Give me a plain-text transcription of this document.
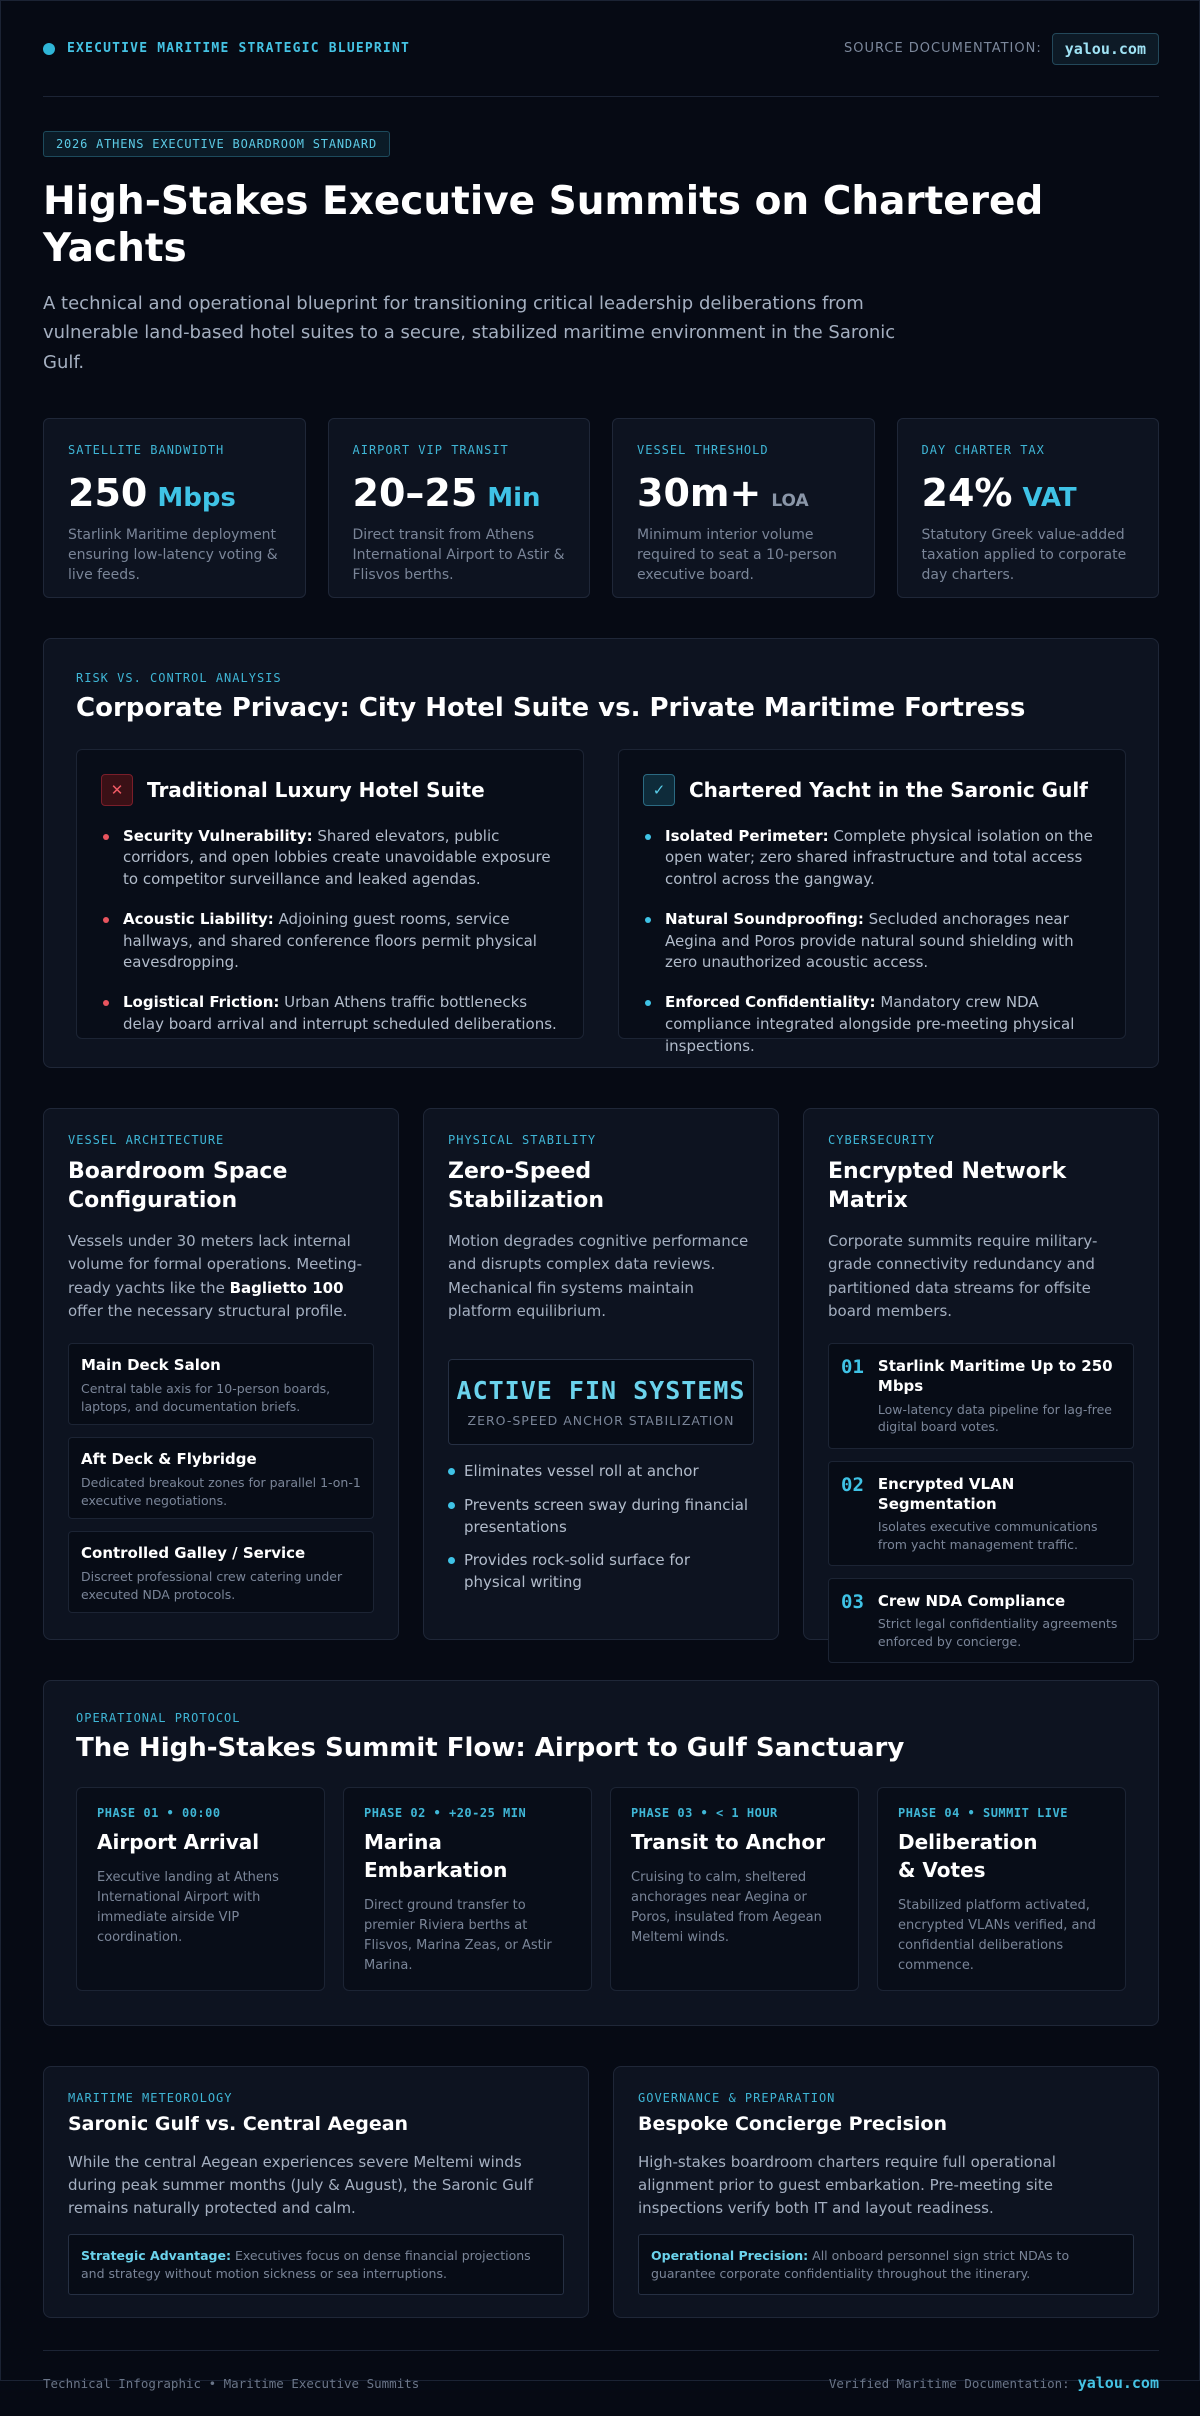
EXECUTIVE MARITIME STRATEGIC BLUEPRINT	SOURCE DOCUMENTATION:	yalou.com
2026 ATHENS EXECUTIVE BOARDROOM STANDARD
High-Stakes Executive Summits on Chartered Yachts

A technical and operational blueprint for transitioning critical leadership deliberations from vulnerable land-based hotel suites to a secure, stabilized maritime environment in the Saronic Gulf.

SATELLITE BANDWIDTH
250 Mbps
Starlink Maritime deployment ensuring low-latency voting & live feeds.
AIRPORT VIP TRANSIT
20–25 Min
Direct transit from Athens International Airport to Astir & Flisvos berths.
VESSEL THRESHOLD
30m+ LOA
Minimum interior volume required to seat a 10-person executive board.
DAY CHARTER TAX
24% VAT
Statutory Greek value-added taxation applied to corporate day charters.
RISK VS. CONTROL ANALYSIS
Corporate Privacy: City Hotel Suite vs. Private Maritime Fortress
✕	Traditional Luxury Hotel Suite
Security Vulnerability: Shared elevators, public corridors, and open lobbies create unavoidable exposure to competitor surveillance and leaked agendas.
Acoustic Liability: Adjoining guest rooms, service hallways, and shared conference floors permit physical eavesdropping.
Logistical Friction: Urban Athens traffic bottlenecks delay board arrival and interrupt scheduled deliberations.
✓	Chartered Yacht in the Saronic Gulf
Isolated Perimeter: Complete physical isolation on the open water; zero shared infrastructure and total access control across the gangway.
Natural Soundproofing: Secluded anchorages near Aegina and Poros provide natural sound shielding with zero unauthorized acoustic access.
Enforced Confidentiality: Mandatory crew NDA compliance integrated alongside pre-meeting physical inspections.
VESSEL ARCHITECTURE
Boardroom Space Configuration

Vessels under 30 meters lack internal volume for formal operations. Meeting-ready yachts like the Baglietto 100 offer the necessary structural profile.

Main Deck Salon
Central table axis for 10-person boards, laptops, and documentation briefs.
Aft Deck & Flybridge
Dedicated breakout zones for parallel 1-on-1 executive negotiations.
Controlled Galley / Service
Discreet professional crew catering under executed NDA protocols.
PHYSICAL STABILITY
Zero-Speed Stabilization

Motion degrades cognitive performance and disrupts complex data reviews. Mechanical fin systems maintain platform equilibrium.

ACTIVE FIN SYSTEMS
ZERO-SPEED ANCHOR STABILIZATION
Eliminates vessel roll at anchor
Prevents screen sway during financial presentations
Provides rock-solid surface for physical writing
CYBERSECURITY
Encrypted Network Matrix

Corporate summits require military-grade connectivity redundancy and partitioned data streams for offsite board members.

01 Starlink Maritime Up to 250 Mbps
Low-latency data pipeline for lag-free digital board votes.
02 Encrypted VLAN Segmentation
Isolates executive communications from yacht management traffic.
03 Crew NDA Compliance
Strict legal confidentiality agreements enforced by concierge.
OPERATIONAL PROTOCOL
The High-Stakes Summit Flow: Airport to Gulf Sanctuary
PHASE 01 • 00:00
Airport Arrival
Executive landing at Athens International Airport with immediate airside VIP coordination.
PHASE 02 • +20-25 MIN
Marina Embarkation
Direct ground transfer to premier Riviera berths at Flisvos, Marina Zeas, or Astir Marina.
PHASE 03 • < 1 HOUR
Transit to Anchor
Cruising to calm, sheltered anchorages near Aegina or Poros, insulated from Aegean Meltemi winds.
PHASE 04 • SUMMIT LIVE
Deliberation & Votes
Stabilized platform activated, encrypted VLANs verified, and confidential deliberations commence.
MARITIME METEOROLOGY
Saronic Gulf vs. Central Aegean

While the central Aegean experiences severe Meltemi winds during peak summer months (July & August), the Saronic Gulf remains naturally protected and calm.

Strategic Advantage: Executives focus on dense financial projections and strategy without motion sickness or sea interruptions.
GOVERNANCE & PREPARATION
Bespoke Concierge Precision

High-stakes boardroom charters require full operational alignment prior to guest embarkation. Pre-meeting site inspections verify both IT and layout readiness.

Operational Precision: All onboard personnel sign strict NDAs to guarantee corporate confidentiality throughout the itinerary.
Technical Infographic • Maritime Executive Summits	Verified Maritime Documentation: yalou.com
